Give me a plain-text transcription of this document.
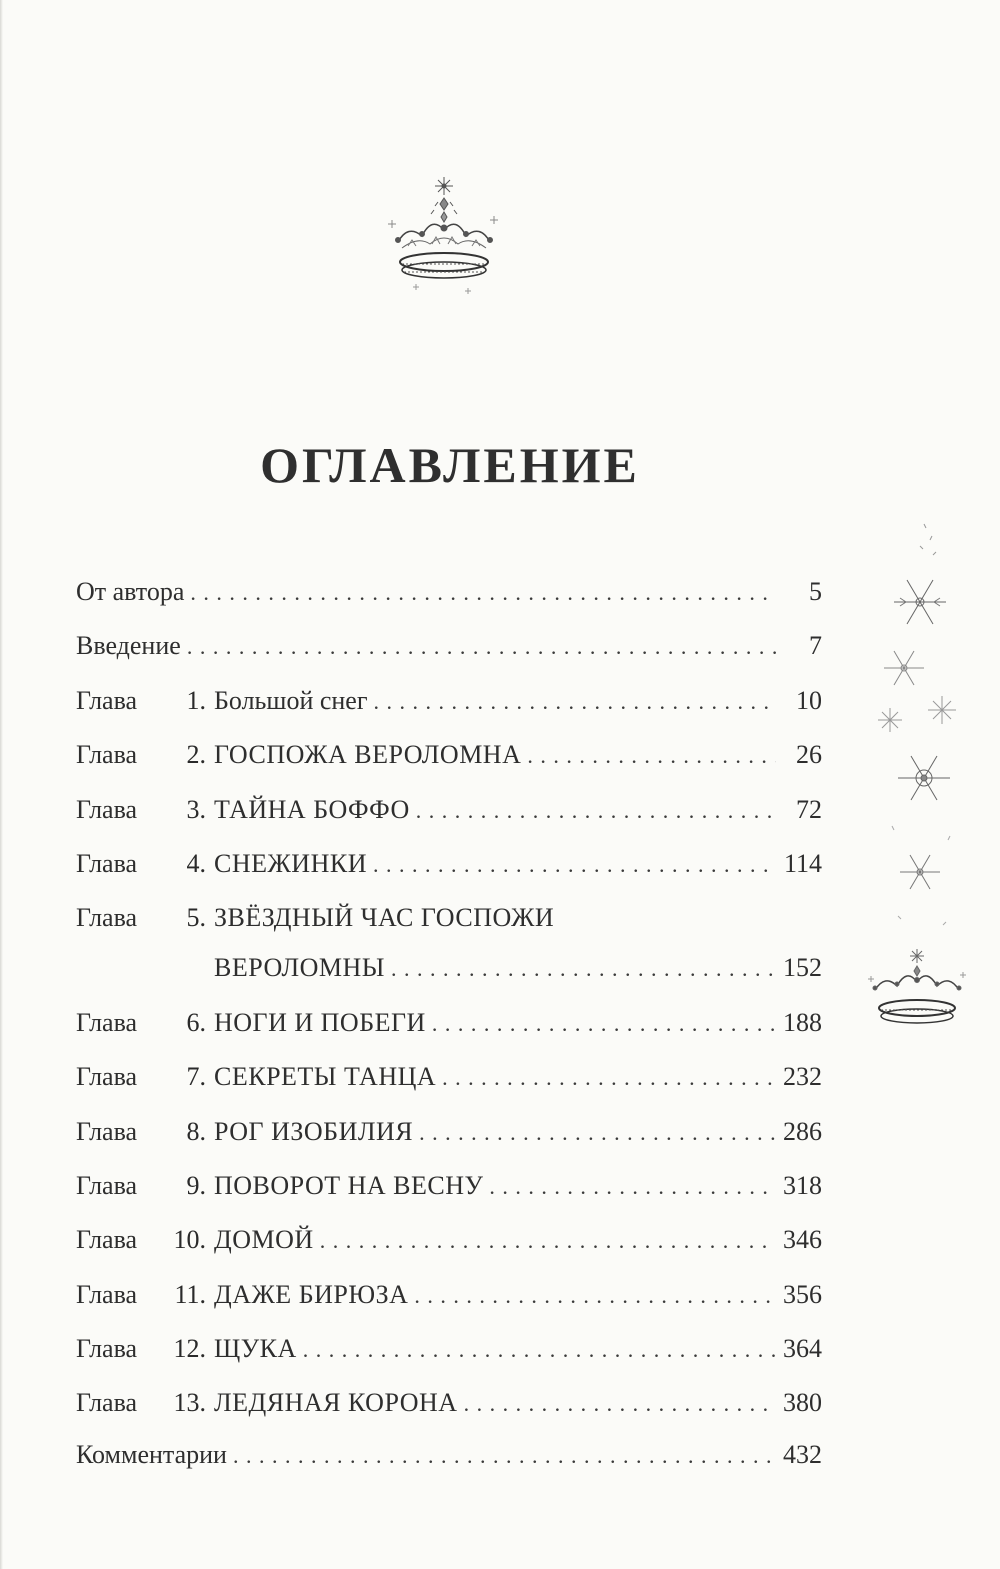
ОГЛАВЛЕНИЕ
От автора . . .	5
Введение . . .	7
Глава	1. Большой снег . . .	10
Глава	2. ГОСПОЖА ВЕРОЛОМНА . . .	26
Глава	3. ТАЙНА БОФФО . . .	72
Глава	4. СНЕЖИНКИ . . .	114
Глава	5. ЗВЁЗДНЫЙ ЧАС ГОСПОЖИ
ВЕРОЛОМНЫ . . .	152
Глава	6. НОГИ И ПОБЕГИ . . .	188
Глава	7. СЕКРЕТЫ ТАНЦА . . .	232
Глава	8. РОГ ИЗОБИЛИЯ . . .	286
Глава	9. ПОВОРОТ НА ВЕСНУ . . .	318
Глава	10. ДОМОЙ . . .	346
Глава	11. ДАЖЕ БИРЮЗА . . .	356
Глава	12. ЩУКА . . .	364
Глава	13. ЛЕДЯНАЯ КОРОНА . . .	380
Комментарии . . .	432
